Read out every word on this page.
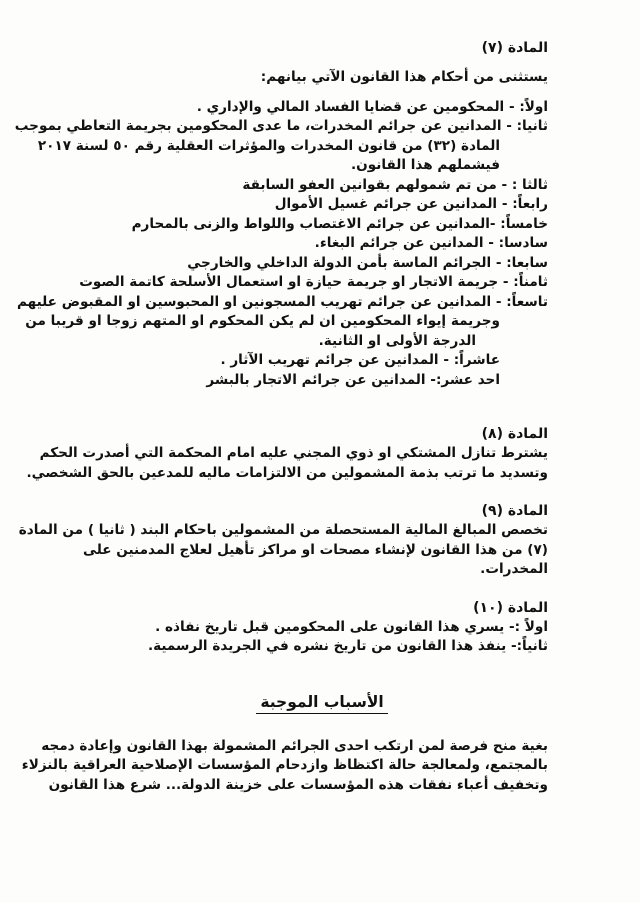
المادة (٧)
يستثنى من أحكام هذا القانون الآتي بيانهم:
اولاً: - المحكومين عن قضايا الفساد المالي والإداري .
ثانيا: - المدانين عن جرائم المخدرات، ما عدى المحكومين بجريمة التعاطي بموجب
المادة (٣٢) من قانون المخدرات والمؤثرات العقلية رقم ٥٠ لسنة ٢٠١٧
فيشملهم هذا القانون.
ثالثا : - من تم شمولهم بقوانين العفو السابقة
رابعاً: - المدانين عن جرائم غسيل الأموال
خامساً: -المدانين عن جرائم الاغتصاب واللواط والزنى بالمحارم
سادسا: - المدانين عن جرائم البغاء.
سابعا: - الجرائم الماسة بأمن الدولة الداخلي والخارجي
ثامناً: - جريمة الاتجار او جريمة حيازة او استعمال الأسلحة كاتمة الصوت
تاسعاً: - المدانين عن جرائم تهريب المسجونين او المحبوسين او المقبوض عليهم
وجريمة إيواء المحكومين ان لم يكن المحكوم او المتهم زوجا او قريبا من
الدرجة الأولى او الثانية.
عاشراً: - المدانين عن جرائم تهريب الآثار .
احد عشر:- المدانين عن جرائم الاتجار بالبشر
المادة (٨)
يشترط تنازل المشتكي او ذوي المجني عليه امام المحكمة التي أصدرت الحكم
وتسديد ما ترتب بذمة المشمولين من الالتزامات ماليه للمدعين بالحق الشخصي.
المادة (٩)
تخصص المبالغ المالية المستحصلة من المشمولين باحكام البند ( ثانيا ) من المادة
(٧) من هذا القانون لإنشاء مصحات او مراكز تأهيل لعلاج المدمنين على
المخدرات.
المادة (١٠)
اولاً :- يسري هذا القانون على المحكومين قبل تاريخ نفاذه .
ثانياً:- ينفذ هذا القانون من تاريخ نشره في الجريدة الرسمية.
الأسباب الموجبة
بغية منح فرصة لمن ارتكب احدى الجرائم المشمولة بهذا القانون وإعادة دمجه
بالمجتمع، ولمعالجة حالة اكتظاظ وازدحام المؤسسات الإصلاحية العراقية بالنزلاء
وتخفيف أعباء نفقات هذه المؤسسات على خزينة الدولة... شرع هذا القانون
